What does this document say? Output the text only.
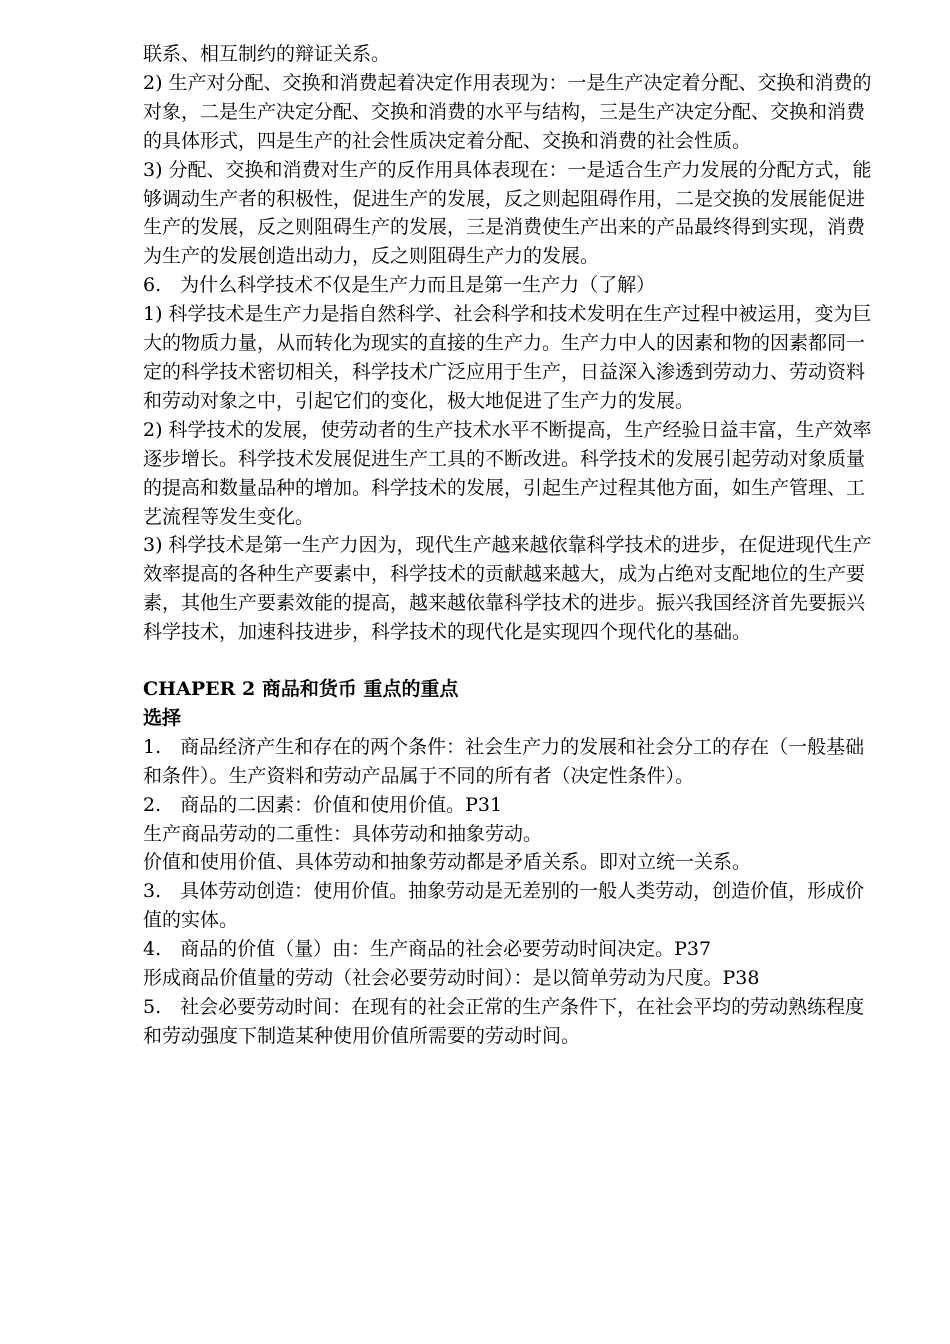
联系、相互制约的辩证关系。

2) 生产对分配、交换和消费起着决定作用表现为：一是生产决定着分配、交换和消费的对象，二是生产决定分配、交换和消费的水平与结构，三是生产决定分配、交换和消费的具体形式，四是生产的社会性质决定着分配、交换和消费的社会性质。

3) 分配、交换和消费对生产的反作用具体表现在：一是适合生产力发展的分配方式，能够调动生产者的积极性，促进生产的发展，反之则起阻碍作用，二是交换的发展能促进生产的发展，反之则阻碍生产的发展，三是消费使生产出来的产品最终得到实现，消费为生产的发展创造出动力，反之则阻碍生产力的发展。

6.　为什么科学技术不仅是生产力而且是第一生产力（了解）

1) 科学技术是生产力是指自然科学、社会科学和技术发明在生产过程中被运用，变为巨大的物质力量，从而转化为现实的直接的生产力。生产力中人的因素和物的因素都同一定的科学技术密切相关，科学技术广泛应用于生产，日益深入渗透到劳动力、劳动资料和劳动对象之中，引起它们的变化，极大地促进了生产力的发展。

2) 科学技术的发展，使劳动者的生产技术水平不断提高，生产经验日益丰富，生产效率逐步增长。科学技术发展促进生产工具的不断改进。科学技术的发展引起劳动对象质量的提高和数量品种的增加。科学技术的发展，引起生产过程其他方面，如生产管理、工艺流程等发生变化。

3) 科学技术是第一生产力因为，现代生产越来越依靠科学技术的进步，在促进现代生产效率提高的各种生产要素中，科学技术的贡献越来越大，成为占绝对支配地位的生产要素，其他生产要素效能的提高，越来越依靠科学技术的进步。振兴我国经济首先要振兴科学技术，加速科技进步，科学技术的现代化是实现四个现代化的基础。

CHAPER 2 商品和货币 重点的重点

选择

1.　商品经济产生和存在的两个条件：社会生产力的发展和社会分工的存在（一般基础和条件）。生产资料和劳动产品属于不同的所有者（决定性条件）。

2.　商品的二因素：价值和使用价值。P31

生产商品劳动的二重性：具体劳动和抽象劳动。

价值和使用价值、具体劳动和抽象劳动都是矛盾关系。即对立统一关系。

3.　具体劳动创造：使用价值。抽象劳动是无差别的一般人类劳动，创造价值，形成价值的实体。

4.　商品的价值（量）由：生产商品的社会必要劳动时间决定。P37

形成商品价值量的劳动（社会必要劳动时间）：是以简单劳动为尺度。P38

5.　社会必要劳动时间：在现有的社会正常的生产条件下，在社会平均的劳动熟练程度和劳动强度下制造某种使用价值所需要的劳动时间。
